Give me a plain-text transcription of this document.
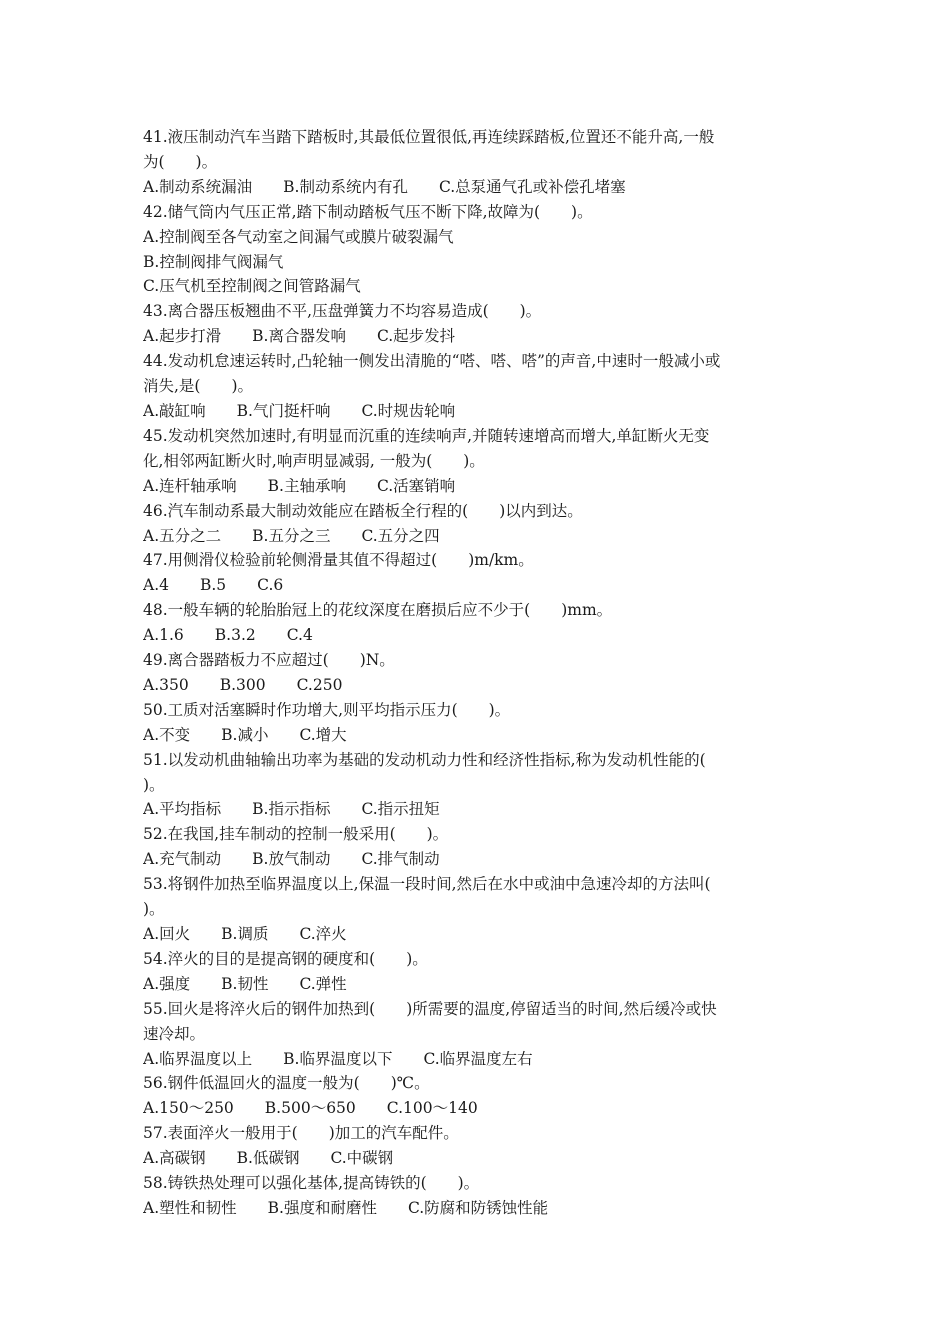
41.液压制动汽车当踏下踏板时,其最低位置很低,再连续踩踏板,位置还不能升高,一般
为(　　)。
A.制动系统漏油　　B.制动系统内有孔　　C.总泵通气孔或补偿孔堵塞
42.储气筒内气压正常,踏下制动踏板气压不断下降,故障为(　　)。
A.控制阀至各气动室之间漏气或膜片破裂漏气
B.控制阀排气阀漏气
C.压气机至控制阀之间管路漏气
43.离合器压板翘曲不平,压盘弹簧力不均容易造成(　　)。
A.起步打滑　　B.离合器发响　　C.起步发抖
44.发动机怠速运转时,凸轮轴一侧发出清脆的“嗒、嗒、嗒”的声音,中速时一般减小或
消失,是(　　)。
A.敲缸响　　B.气门挺杆响　　C.时规齿轮响
45.发动机突然加速时,有明显而沉重的连续响声,并随转速增高而增大,单缸断火无变
化,相邻两缸断火时,响声明显减弱, 一般为(　　)。
A.连杆轴承响　　B.主轴承响　　C.活塞销响
46.汽车制动系最大制动效能应在踏板全行程的(　　)以内到达。
A.五分之二　　B.五分之三　　C.五分之四
47.用侧滑仪检验前轮侧滑量其值不得超过(　　)m/km。
A.4　　B.5　　C.6
48.一般车辆的轮胎胎冠上的花纹深度在磨损后应不少于(　　)mm。
A.1.6　　B.3.2　　C.4
49.离合器踏板力不应超过(　　)N。
A.350　　B.300　　C.250
50.工质对活塞瞬时作功增大,则平均指示压力(　　)。
A.不变　　B.减小　　C.增大
51.以发动机曲轴输出功率为基础的发动机动力性和经济性指标,称为发动机性能的(
)。
A.平均指标　　B.指示指标　　C.指示扭矩
52.在我国,挂车制动的控制一般采用(　　)。
A.充气制动　　B.放气制动　　C.排气制动
53.将钢件加热至临界温度以上,保温一段时间,然后在水中或油中急速冷却的方法叫(
)。
A.回火　　B.调质　　C.淬火
54.淬火的目的是提高钢的硬度和(　　)。
A.强度　　B.韧性　　C.弹性
55.回火是将淬火后的钢件加热到(　　)所需要的温度,停留适当的时间,然后缓冷或快
速冷却。
A.临界温度以上　　B.临界温度以下　　C.临界温度左右
56.钢件低温回火的温度一般为(　　)℃。
A.150～250　　B.500～650　　C.100～140
57.表面淬火一般用于(　　)加工的汽车配件。
A.高碳钢　　B.低碳钢　　C.中碳钢
58.铸铁热处理可以强化基体,提高铸铁的(　　)。
A.塑性和韧性　　B.强度和耐磨性　　C.防腐和防锈蚀性能
